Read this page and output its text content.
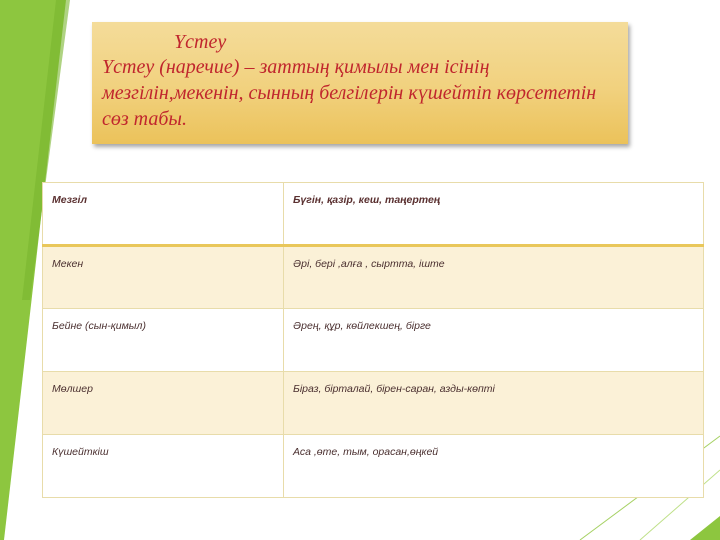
Үстеу

Үстеу (наречие) – заттың қимылы мен ісінің мезгілін,мекенін, сынның белгілерін күшейтіп көрсететін сөз табы.

Мезгіл	Бүгін, қазір, кеш, таңертең
Мекен	Әрі, бері ,алға , сыртта, іште
Бейне (сын-қимыл)	Әрең, құр, көйлекшең, бірге
Мөлшер	Біраз, бірталай, бірен-саран, азды-көпті
Күшейткіш	Аса ,өте, тым, орасан,өңкей
